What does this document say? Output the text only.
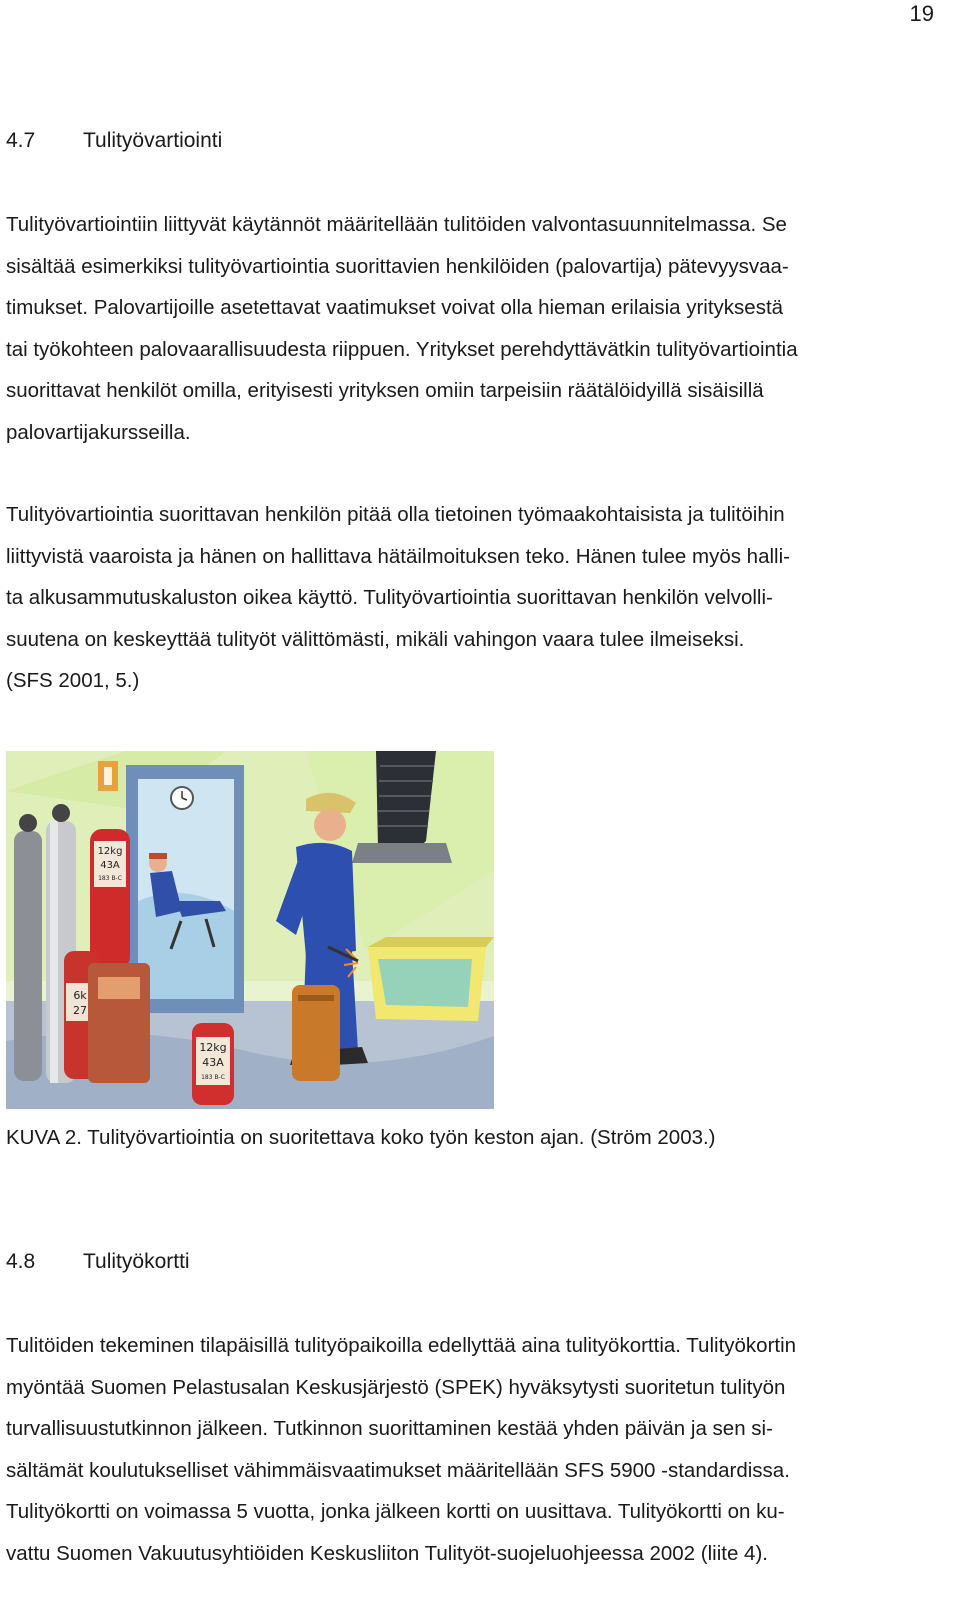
19
4.7 Tulityövartiointi

Tulityövartiointiin liittyvät käytännöt määritellään tulitöiden valvontasuunnitelmassa. Se
sisältää esimerkiksi tulityövartiointia suorittavien henkilöiden (palovartija) pätevyysvaa-
timukset. Palovartijoille asetettavat vaatimukset voivat olla hieman erilaisia yrityksestä
tai työkohteen palovaarallisuudesta riippuen. Yritykset perehdyttävätkin tulityövartiointia
suorittavat henkilöt omilla, erityisesti yrityksen omiin tarpeisiin räätälöidyillä sisäisillä
palovartijakursseilla.

Tulityövartiointia suorittavan henkilön pitää olla tietoinen työmaakohtaisista ja tulitöihin
liittyvistä vaaroista ja hänen on hallittava hätäilmoituksen teko. Hänen tulee myös halli-
ta alkusammutuskaluston oikea käyttö. Tulityövartiointia suorittavan henkilön velvolli-
suutena on keskeyttää tulityöt välittömästi, mikäli vahingon vaara tulee ilmeiseksi.
(SFS 2001, 5.)

12kg
43A
183 B-C
6k
27
12kg
43A
183 B-C
KUVA 2. Tulityövartiointia on suoritettava koko työn keston ajan. (Ström 2003.)
4.8 Tulityökortti

Tulitöiden tekeminen tilapäisillä tulityöpaikoilla edellyttää aina tulityökorttia. Tulityökortin
myöntää Suomen Pelastusalan Keskusjärjestö (SPEK) hyväksytysti suoritetun tulityön
turvallisuustutkinnon jälkeen. Tutkinnon suorittaminen kestää yhden päivän ja sen si-
sältämät koulutukselliset vähimmäisvaatimukset määritellään SFS 5900 -standardissa.
Tulityökortti on voimassa 5 vuotta, jonka jälkeen kortti on uusittava. Tulityökortti on ku-
vattu Suomen Vakuutusyhtiöiden Keskusliiton Tulityöt-suojeluohjeessa 2002 (liite 4).
